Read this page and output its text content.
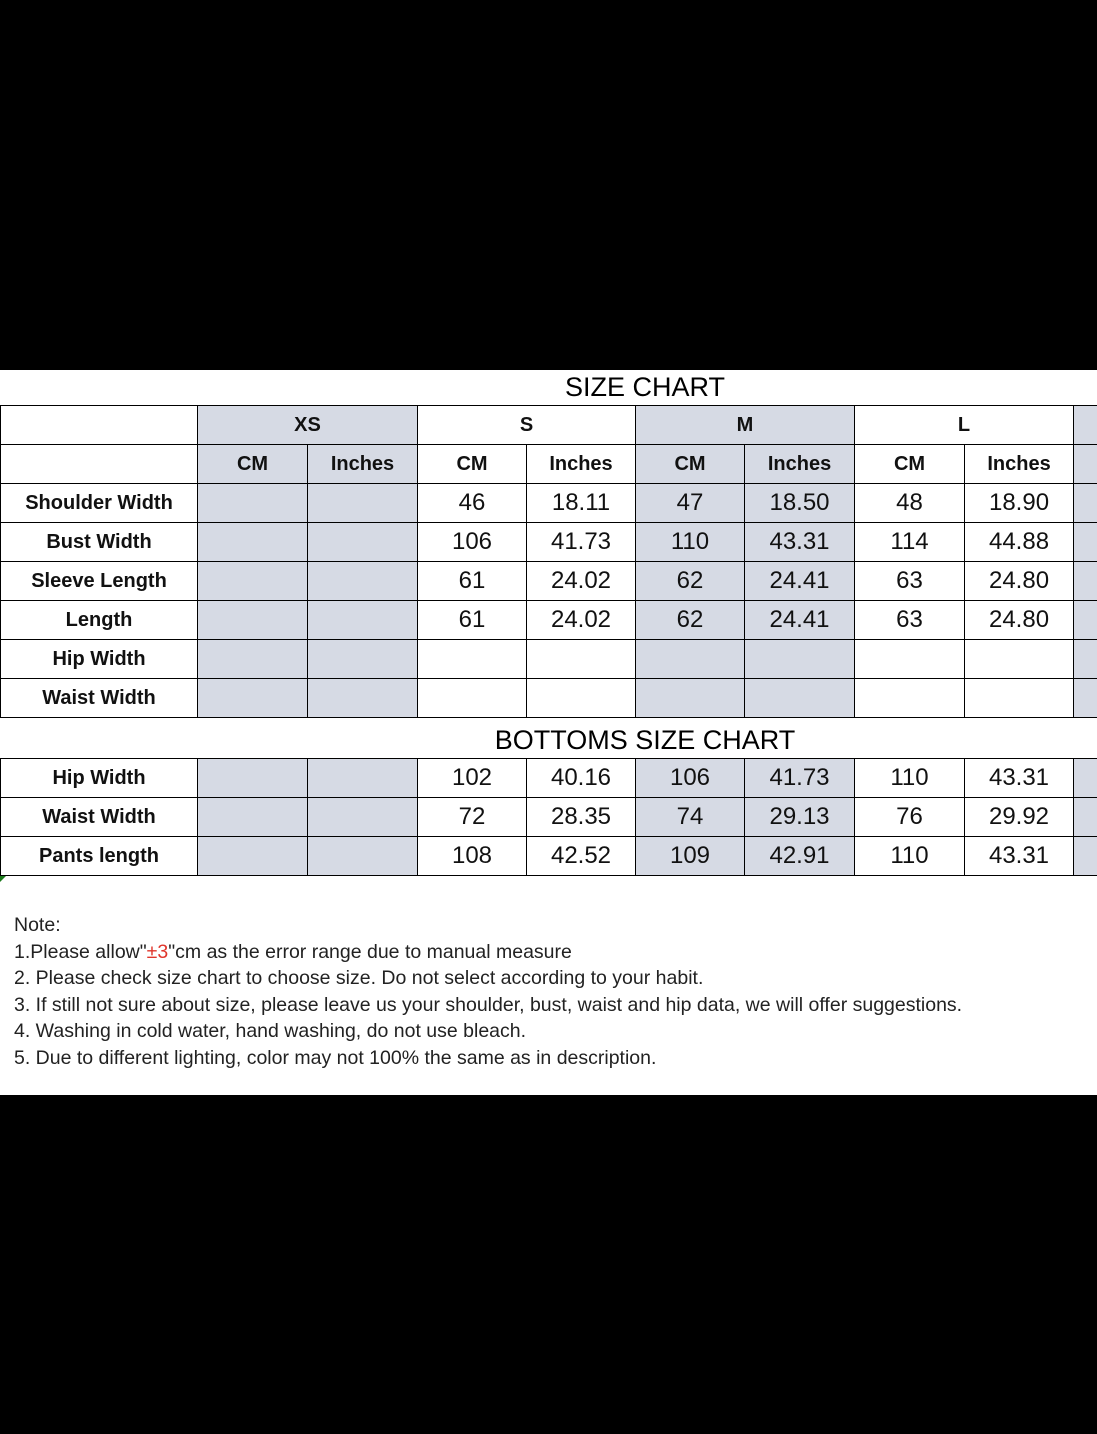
SIZE CHART
	XS		S		M		L		
	CM	Inches	CM	Inches	CM	Inches	CM	Inches	
Shoulder Width			46	18.11	47	18.50	48	18.90	
Bust Width			106	41.73	110	43.31	114	44.88	
Sleeve Length			61	24.02	62	24.41	63	24.80	
Length			61	24.02	62	24.41	63	24.80	
Hip Width									
Waist Width									
BOTTOMS SIZE CHART
Hip Width			102	40.16	106	41.73	110	43.31	
Waist Width			72	28.35	74	29.13	76	29.92	
Pants length			108	42.52	109	42.91	110	43.31	
Note:
1.Please allow"±3"cm as the error range due to manual measure
2. Please check size chart to choose size. Do not select according to your habit.
3. If still not sure about size, please leave us your shoulder, bust, waist and hip data, we will offer suggestions.
4. Washing in cold water, hand washing, do not use bleach.
5. Due to different lighting, color may not 100% the same as in description.
